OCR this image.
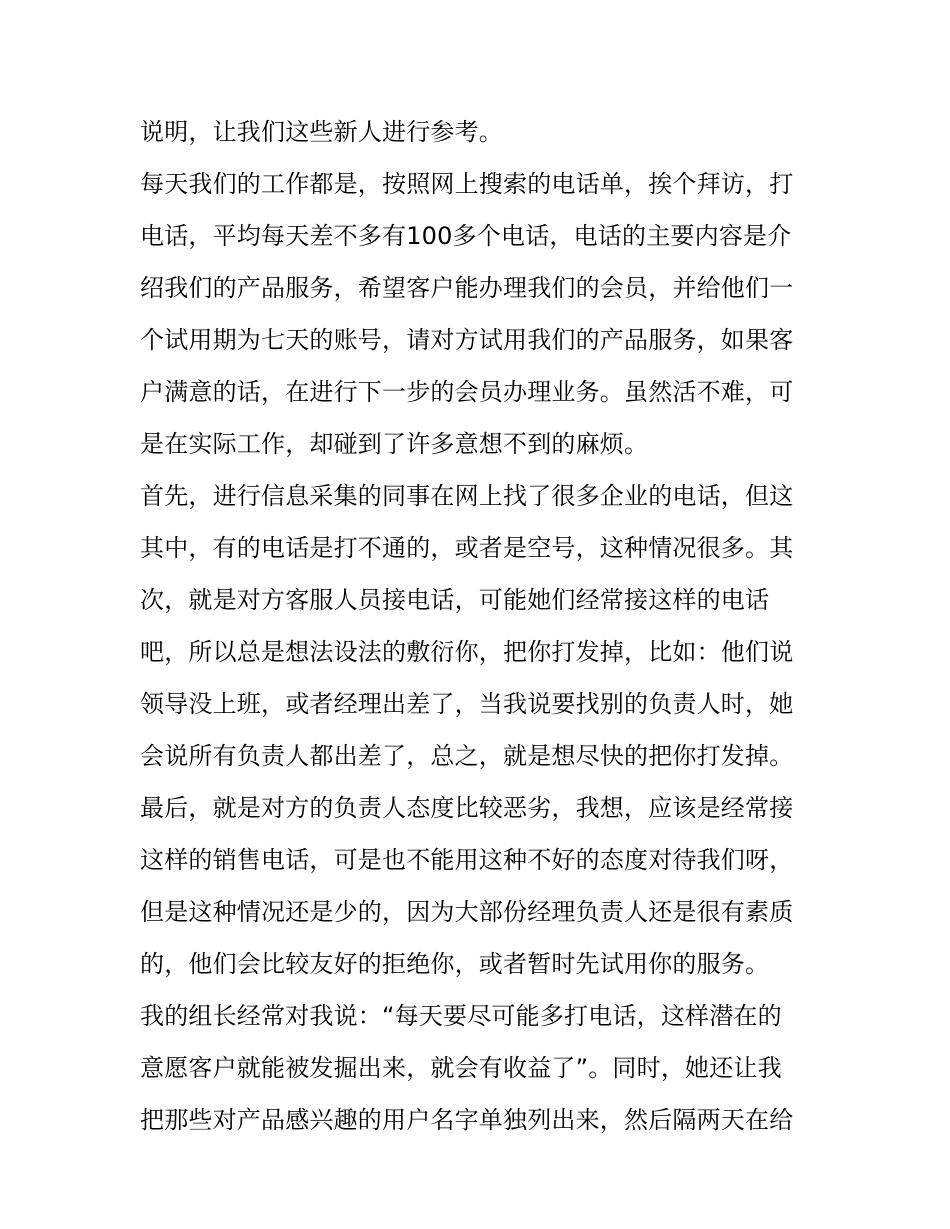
说明，让我们这些新人进行参考。
每天我们的工作都是，按照网上搜索的电话单，挨个拜访，打
电话，平均每天差不多有100多个电话，电话的主要内容是介
绍我们的产品服务，希望客户能办理我们的会员，并给他们一
个试用期为七天的账号，请对方试用我们的产品服务，如果客
户满意的话，在进行下一步的会员办理业务。虽然活不难，可
是在实际工作，却碰到了许多意想不到的麻烦。
首先，进行信息采集的同事在网上找了很多企业的电话，但这
其中，有的电话是打不通的，或者是空号，这种情况很多。其
次，就是对方客服人员接电话，可能她们经常接这样的电话
吧，所以总是想法设法的敷衍你，把你打发掉，比如：他们说
领导没上班，或者经理出差了，当我说要找别的负责人时，她
会说所有负责人都出差了，总之，就是想尽快的把你打发掉。
最后，就是对方的负责人态度比较恶劣，我想，应该是经常接
这样的销售电话，可是也不能用这种不好的态度对待我们呀，
但是这种情况还是少的，因为大部份经理负责人还是很有素质
的，他们会比较友好的拒绝你，或者暂时先试用你的服务。
我的组长经常对我说：“每天要尽可能多打电话，这样潜在的
意愿客户就能被发掘出来，就会有收益了”。同时，她还让我
把那些对产品感兴趣的用户名字单独列出来，然后隔两天在给
